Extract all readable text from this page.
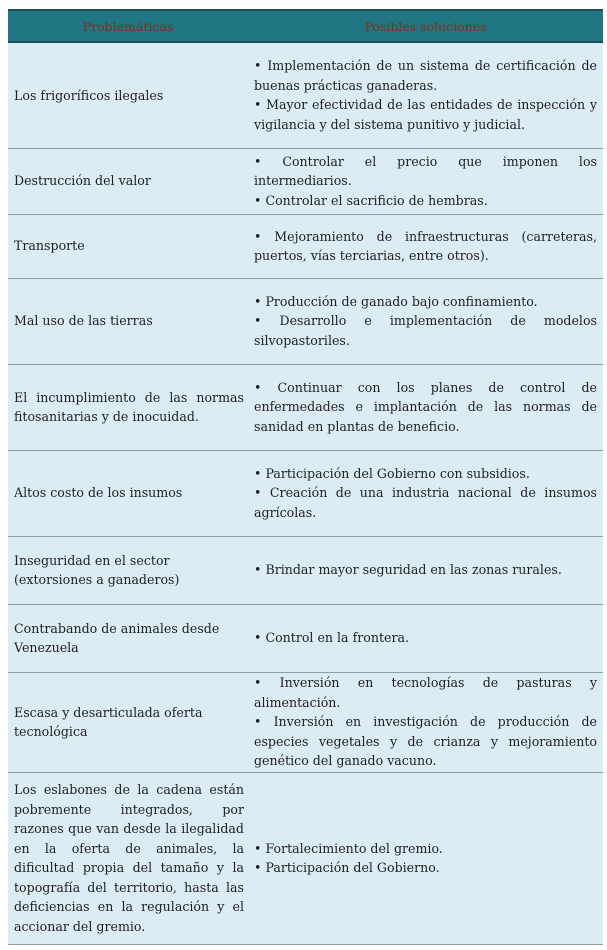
Problemáticas	Posibles soluciones
Los frigoríficos ilegales	• Implementación de un sistema de certificación de buenas prácticas ganaderas.
• Mayor efectividad de las entidades de inspección y vigilancia y del sistema punitivo y judicial.

Destrucción del valor	• Controlar el precio que imponen los intermediarios.
• Controlar el sacrificio de hembras.

Transporte	• Mejoramiento de infraestructuras (carreteras, puertos, vías terciarias, entre otros).

Mal uso de las tierras	• Producción de ganado bajo confinamiento.
• Desarrollo e implementación de modelos silvopastoriles.

El incumplimiento de las normas fitosanitarias y de inocuidad.	• Continuar con los planes de control de enfermedades e implantación de las normas de sanidad en plantas de beneficio.

Altos costo de los insumos	• Participación del Gobierno con subsidios.
• Creación de una industria nacional de insumos agrícolas.

Inseguridad en el sector (extorsiones a ganaderos)	• Brindar mayor seguridad en las zonas rurales.

Contrabando de animales desde Venezuela	• Control en la frontera.

Escasa y desarticulada oferta tecnológica	• Inversión en tecnologías de pasturas y alimentación.
• Inversión en investigación de producción de especies vegetales y de crianza y mejoramiento genético del ganado vacuno.

Los eslabones de la cadena están pobremente integrados, por razones que van desde la ilegalidad en la oferta de animales, la dificultad propia del tamaño y la topografía del territorio, hasta las deficiencias en la regulación y el accionar del gremio.	• Fortalecimiento del gremio.
• Participación del Gobierno.
